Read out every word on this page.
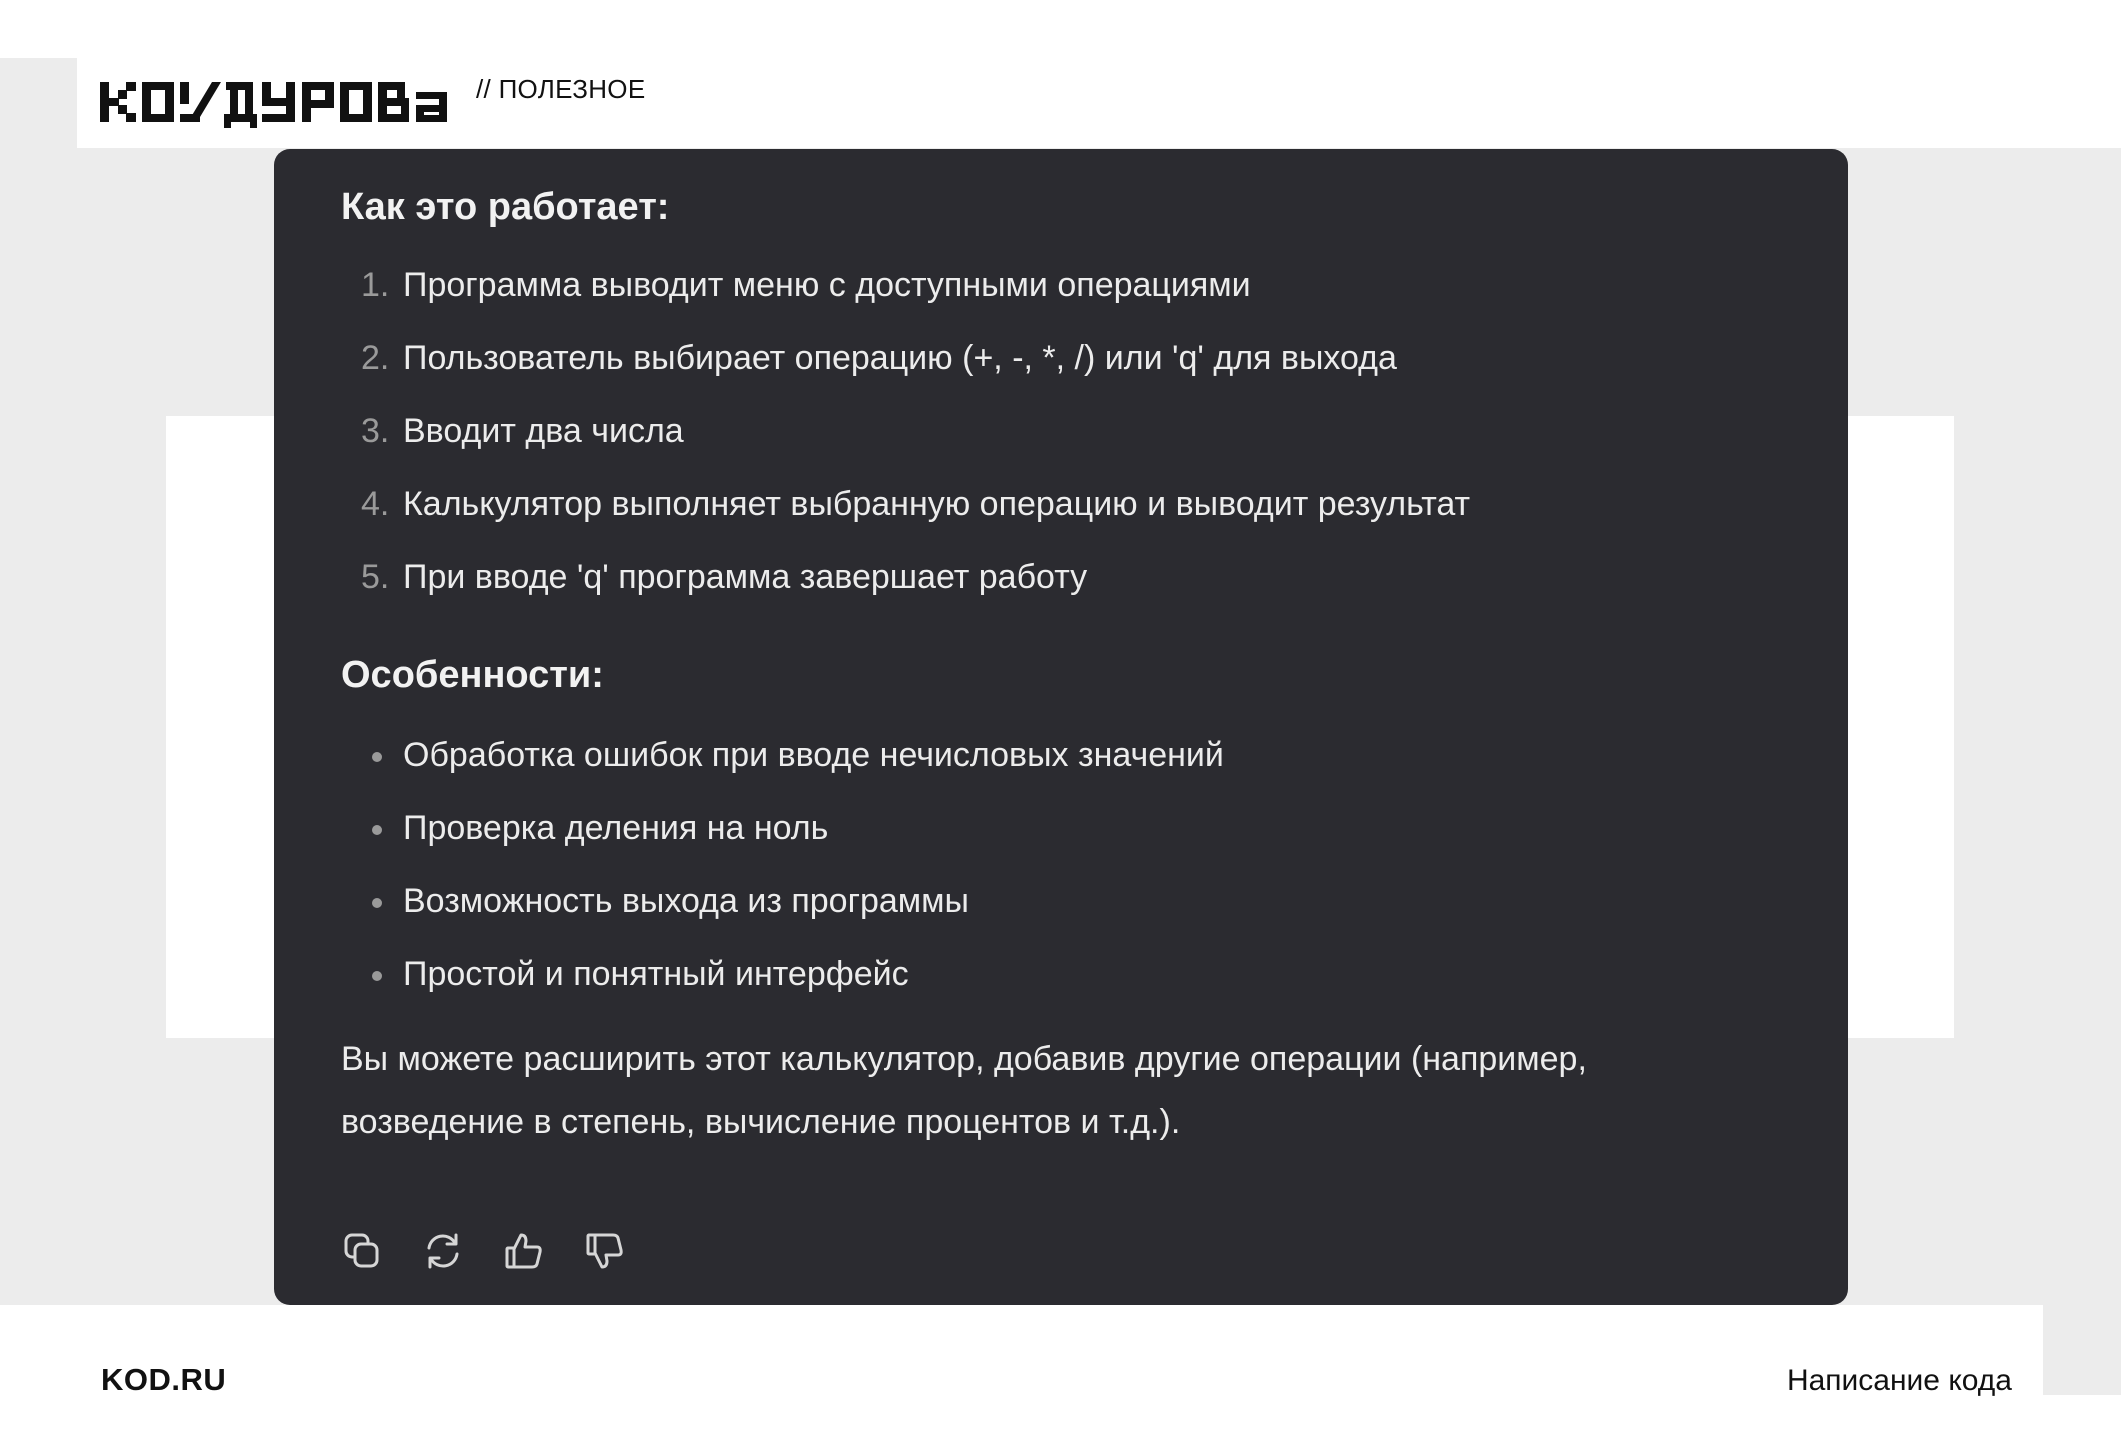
// ПОЛЕЗНОЕ
Как это работает:
1. Программа выводит меню с доступными операциями
2. Пользователь выбирает операцию (+, -, *, /) или 'q' для выхода
3. Вводит два числа
4. Калькулятор выполняет выбранную операцию и выводит результат
5. При вводе 'q' программа завершает работу
Особенности:
Обработка ошибок при вводе нечисловых значений
Проверка деления на ноль
Возможность выхода из программы
Простой и понятный интерфейс

Вы можете расширить этот калькулятор, добавив другие операции (например,
возведение в степень, вычисление процентов и т.д.).

KOD.RU	Написание кода
